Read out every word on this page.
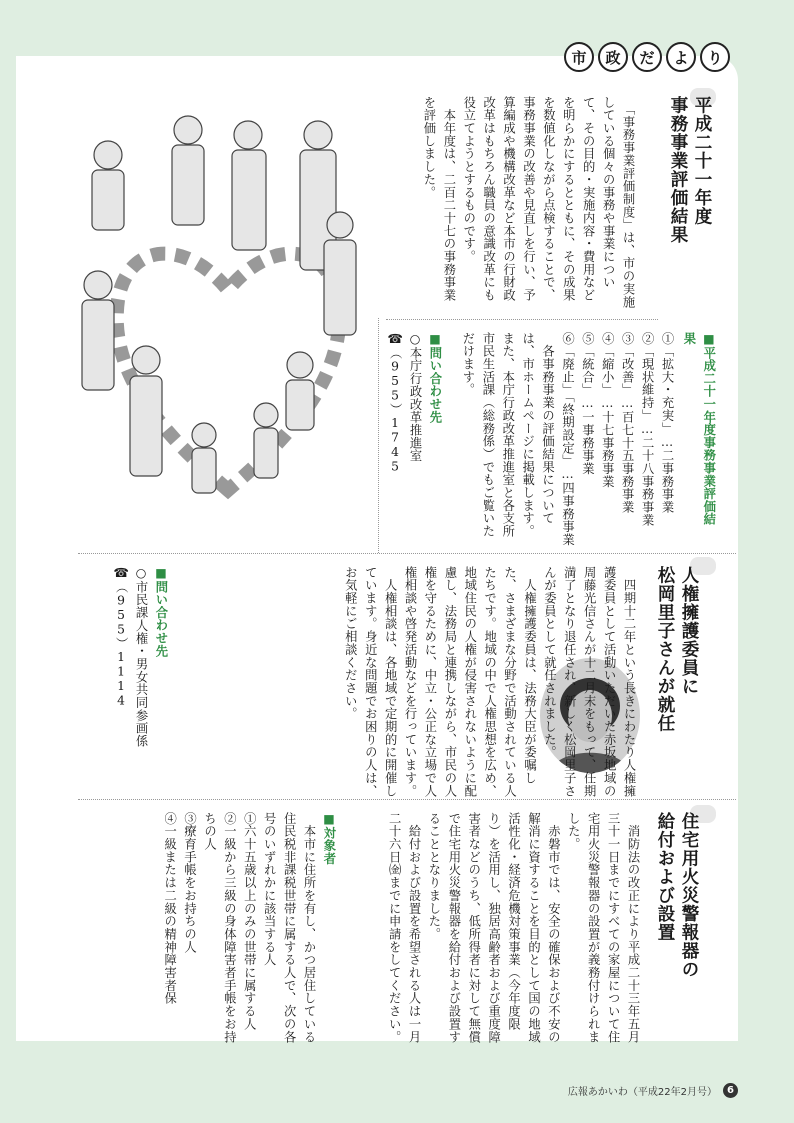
市	政	だ	よ	り
平成二十一年度
事務事業評価結果
　「事務事業評価制度」は、市の実施している個々の事務や事業について、その目的・実施内容・費用などを明らかにするとともに、その成果を数値化しながら点検することで、事務事業の改善や見直しを行い、予算編成や機構改革など本市の行財政改革はもちろん職員の意識改革にも役立てようとするものです。
　本年度は、二百二十七の事務事業を評価しました。
■ 平成二十一年度事務事業評価結果
①「拡大・充実」…二事務事業
②「現状維持」…二十八事務事業
③「改善」…百七十五事務事業
④「縮小」…十七事務事業
⑤「統合」…一事務事業
⑥「廃止」「終期設定」…四事務事業
　各事務事業の評価結果については、市ホームページに掲載します。また、本庁行政改革推進室と各支所市民生活課（総務係）でもご覧いただけます。
■ 問い合わせ先
○本庁行政改革推進室
☎（955）1745
人権擁護委員に
松岡里子さんが就任
　四期十二年という長きにわたり人権擁護委員として活動いただいた赤坂地域の周藤光信さんが十二月末をもって、任期満了となり退任され、新しく松岡里子さんが委員として就任されました。
　人権擁護委員は、法務大臣が委嘱した、さまざまな分野で活動されている人たちです。地域の中で人権思想を広め、地域住民の人権が侵害されないように配慮し、法務局と連携しながら、市民の人権を守るために、中立・公正な立場で人権相談や啓発活動などを行っています。
　人権相談は、各地域で定期的に開催しています。身近な問題でお困りの人は、お気軽にご相談ください。
■ 問い合わせ先
○市民課人権・男女共同参画係
☎（955）1114
住宅用火災警報器の
給付および設置
　消防法の改正により平成二十三年五月三十一日までにすべての家屋について住宅用火災警報器の設置が義務付けられました。
　赤磐市では、安全の確保および不安の解消に資することを目的として国の地域活性化・経済危機対策事業（今年度限り）を活用し、独居高齢者および重度障害者などのうち、低所得者に対して無償で住宅用火災警報器を給付および設置することとなりました。
　給付および設置を希望される人は一月二十六日㈮までに申請をしてください。
■ 対象者
　本市に住所を有し、かつ居住している住民税非課税世帯に属する人で、次の各号のいずれかに該当する人
①六十五歳以上のみの世帯に属する人
②一級から三級の身体障害者手帳をお持ちの人
③療育手帳をお持ちの人
④一級または二級の精神障害者保
広報あかいわ（平成22年2月号）	6
